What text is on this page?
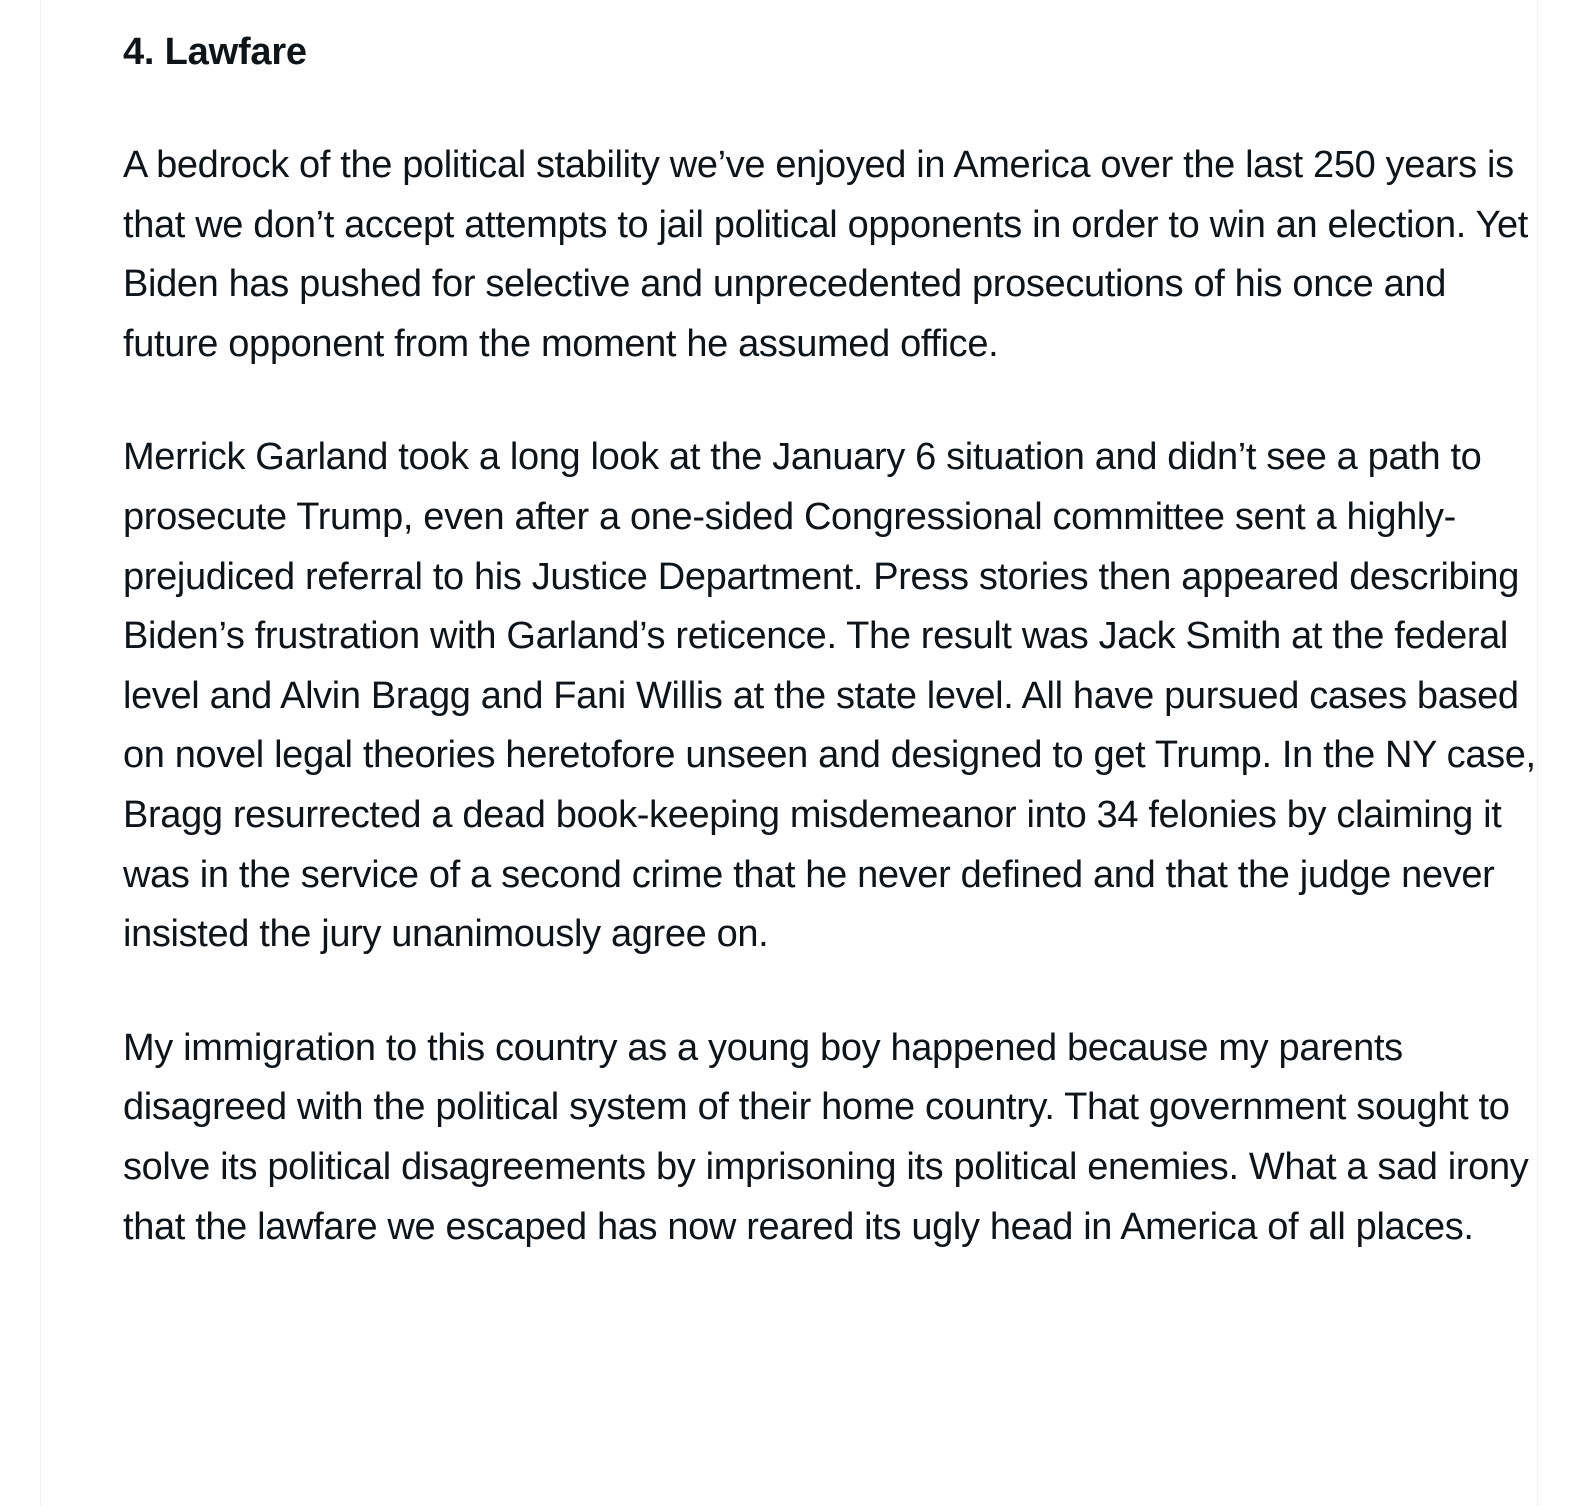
4. Lawfare

A bedrock of the political stability we’ve enjoyed in America over the last 250 years is that we don’t accept attempts to jail political opponents in order to win an election. Yet Biden has pushed for selective and unprecedented prosecutions of his once and future opponent from the moment he assumed office.

Merrick Garland took a long look at the January 6 situation and didn’t see a path to prosecute Trump, even after a one-sided Congressional committee sent a highly-prejudiced referral to his Justice Department. Press stories then appeared describing Biden’s frustration with Garland’s reticence. The result was Jack Smith at the federal level and Alvin Bragg and Fani Willis at the state level. All have pursued cases based on novel legal theories heretofore unseen and designed to get Trump. In the NY case, Bragg resurrected a dead book-keeping misdemeanor into 34 felonies by claiming it was in the service of a second crime that he never defined and that the judge never insisted the jury unanimously agree on.

My immigration to this country as a young boy happened because my parents disagreed with the political system of their home country. That government sought to solve its political disagreements by imprisoning its political enemies. What a sad irony that the lawfare we escaped has now reared its ugly head in America of all places.
